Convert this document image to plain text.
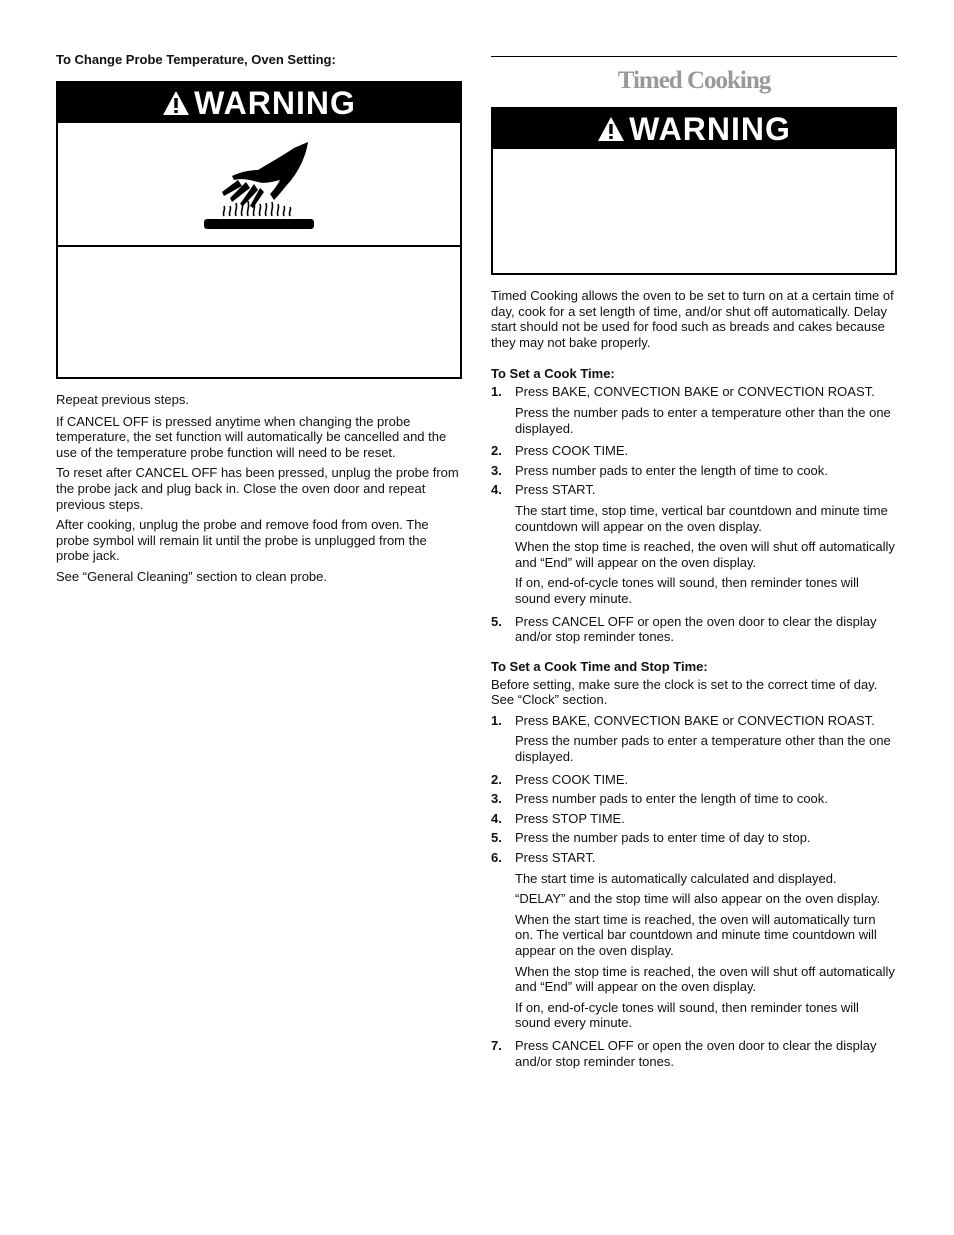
To Change Probe Temperature, Oven Setting:
WARNING

Repeat previous steps.

If CANCEL OFF is pressed anytime when changing the probe temperature, the set function will automatically be cancelled and the use of the temperature probe function will need to be reset.

To reset after CANCEL OFF has been pressed, unplug the probe from the probe jack and plug back in. Close the oven door and repeat previous steps.

After cooking, unplug the probe and remove food from oven. The probe symbol will remain lit until the probe is unplugged from the probe jack.

See “General Cleaning” section to clean probe.

Timed Cooking
WARNING

Timed Cooking allows the oven to be set to turn on at a certain time of day, cook for a set length of time, and/or shut off automatically. Delay start should not be used for food such as breads and cakes because they may not bake properly.

To Set a Cook Time:
1.	Press BAKE, CONVECTION BAKE or CONVECTION ROAST.
Press the number pads to enter a temperature other than the one displayed.
2.	Press COOK TIME.
3.	Press number pads to enter the length of time to cook.
4.	Press START.
The start time, stop time, vertical bar countdown and minute time countdown will appear on the oven display.
When the stop time is reached, the oven will shut off automatically and “End” will appear on the oven display.
If on, end-of-cycle tones will sound, then reminder tones will sound every minute.
5.	Press CANCEL OFF or open the oven door to clear the display and/or stop reminder tones.
To Set a Cook Time and Stop Time:

Before setting, make sure the clock is set to the correct time of day. See “Clock” section.

1.	Press BAKE, CONVECTION BAKE or CONVECTION ROAST.
Press the number pads to enter a temperature other than the one displayed.
2.	Press COOK TIME.
3.	Press number pads to enter the length of time to cook.
4.	Press STOP TIME.
5.	Press the number pads to enter time of day to stop.
6.	Press START.
The start time is automatically calculated and displayed.
“DELAY” and the stop time will also appear on the oven display.
When the start time is reached, the oven will automatically turn on. The vertical bar countdown and minute time countdown will appear on the oven display.
When the stop time is reached, the oven will shut off automatically and “End” will appear on the oven display.
If on, end-of-cycle tones will sound, then reminder tones will sound every minute.
7.	Press CANCEL OFF or open the oven door to clear the display and/or stop reminder tones.
